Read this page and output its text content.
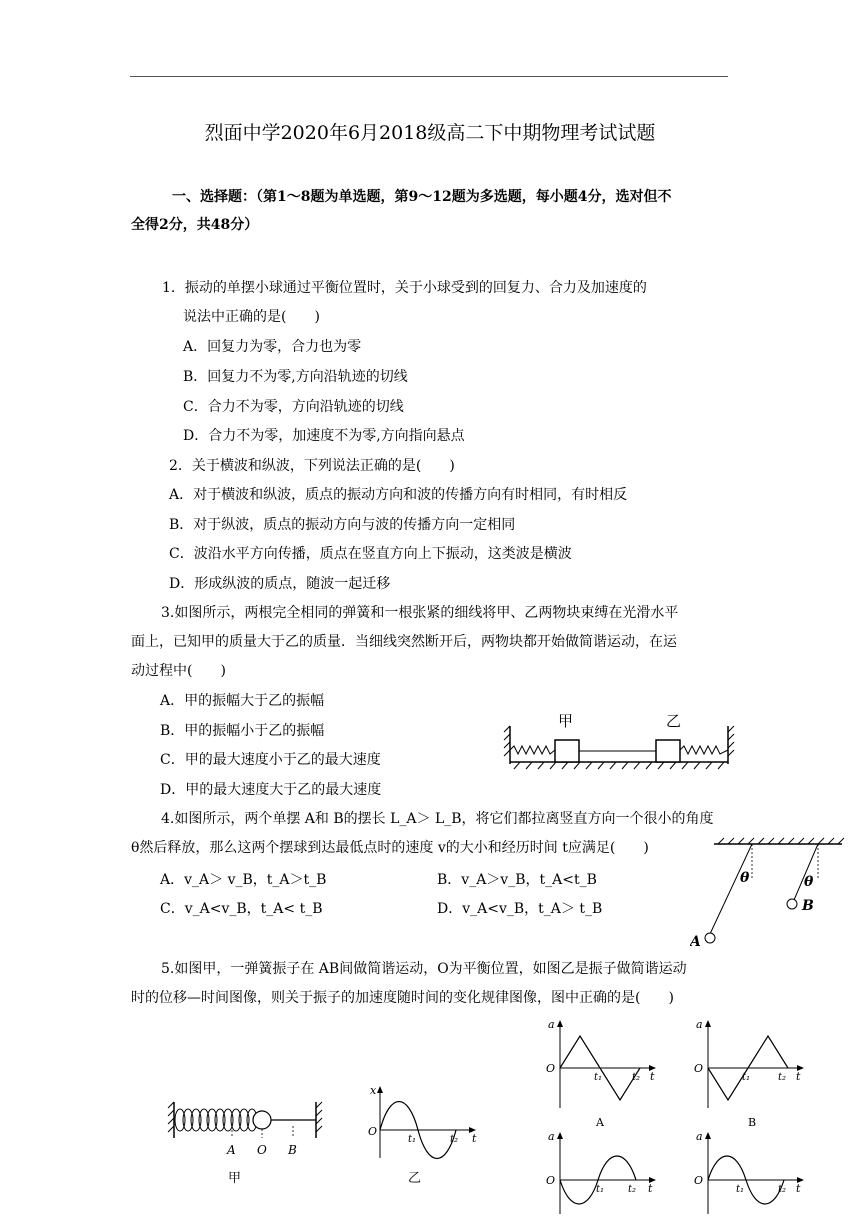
烈面中学2020年6月2018级高二下中期物理考试试题
一、选择题：（第1～8题为单选题，第9～12题为多选题，每小题4分，选对但不
全得2分，共48分）
1．振动的单摆小球通过平衡位置时，关于小球受到的回复力、合力及加速度的
说法中正确的是(　　)
A．回复力为零，合力也为零
B．回复力不为零,方向沿轨迹的切线
C．合力不为零，方向沿轨迹的切线
D．合力不为零，加速度不为零,方向指向悬点
2．关于横波和纵波，下列说法正确的是(　　)
A．对于横波和纵波，质点的振动方向和波的传播方向有时相同，有时相反
B．对于纵波，质点的振动方向与波的传播方向一定相同
C．波沿水平方向传播，质点在竖直方向上下振动，这类波是横波
D．形成纵波的质点，随波一起迁移
3.如图所示，两根完全相同的弹簧和一根张紧的细线将甲、乙两物块束缚在光滑水平
面上，已知甲的质量大于乙的质量．当细线突然断开后，两物块都开始做简谐运动，在运
动过程中(　　)
A．甲的振幅大于乙的振幅
B．甲的振幅小于乙的振幅
C．甲的最大速度小于乙的最大速度
D．甲的最大速度大于乙的最大速度
甲	乙
4.如图所示，两个单摆 A和 B的摆长 L_A＞ L_B，将它们都拉离竖直方向一个很小的角度
θ然后释放，那么这两个摆球到达最低点时的速度 v的大小和经历时间 t应满足(　　)
A．v_A＞ v_B，t_A＞t_B	B．v_A＞v_B，t_A<t_B
C．v_A<v_B，t_A< t_B	D．v_A<v_B，t_A＞ t_B
θ
A
θ
B
5.如图甲，一弹簧振子在 AB间做简谐运动，O为平衡位置，如图乙是振子做简谐运动
时的位移—时间图像，则关于振子的加速度随时间的变化规律图像，图中正确的是(　　)
A O B
甲
x
O
t₁	t₂ t
乙
a
O
t₁	t₂ t
A
a
O
t₁	t₂ t
B
a
O
t₁ t₂ t
a
O
t₁	t₂ t
